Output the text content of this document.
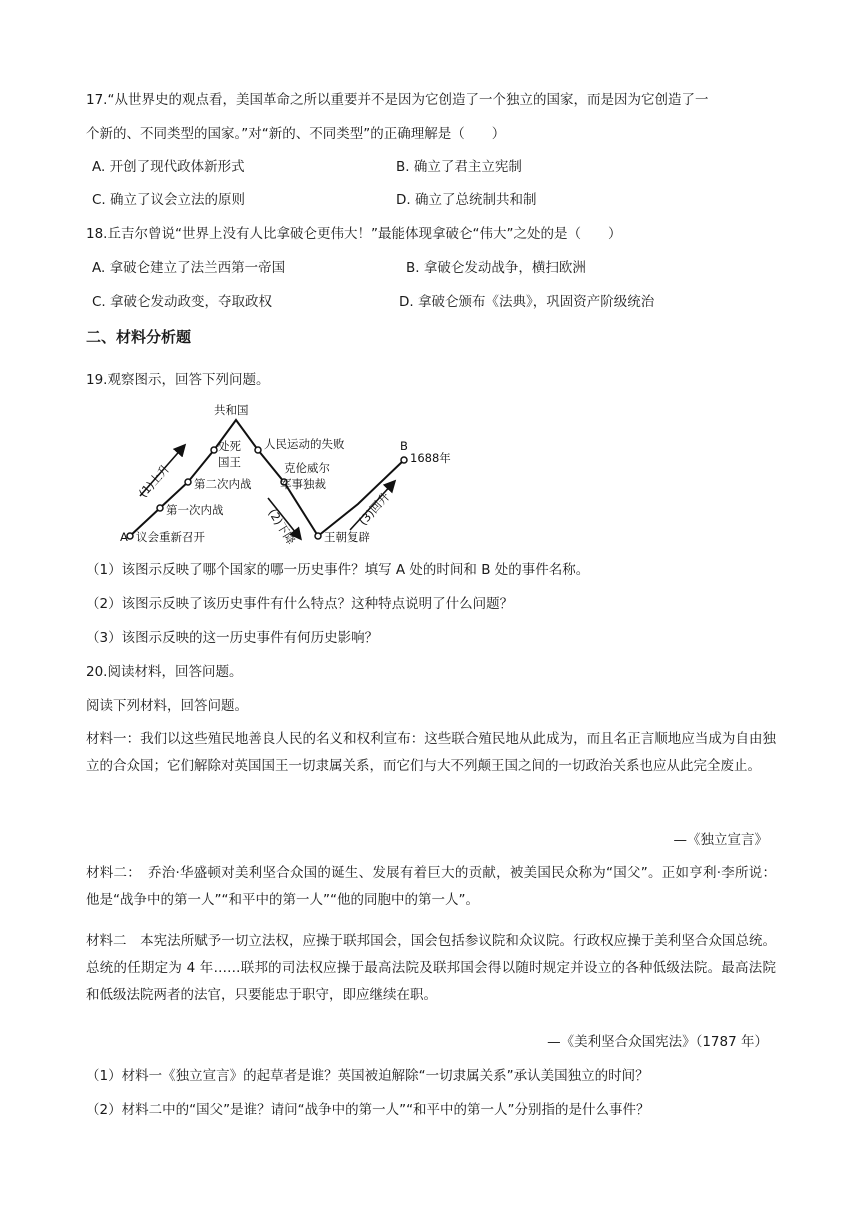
17.“从世界史的观点看，美国革命之所以重要并不是因为它创造了一个独立的国家，而是因为它创造了一
个新的、不同类型的国家。”对“新的、不同类型”的正确理解是（　　）
A. 开创了现代政体新形式	B. 确立了君主立宪制
C. 确立了议会立法的原则	D. 确立了总统制共和制
18.丘吉尔曾说“世界上没有人比拿破仑更伟大！”最能体现拿破仑“伟大”之处的是（　　）
A. 拿破仑建立了法兰西第一帝国	B. 拿破仑发动战争，横扫欧洲
C. 拿破仑发动政变，夺取政权	D. 拿破仑颁布《法典》，巩固资产阶级统治
二、材料分析题
19.观察图示，回答下列问题。
A 议会重新召开
第一次内战
第二次内战
处死
国王
共和国
人民运动的失败
克伦威尔
军事独裁
王朝复辟
B
1688年
(1)上升
(2)下降	(3)回升
（1）该图示反映了哪个国家的哪一历史事件？填写 A 处的时间和 B 处的事件名称。
（2）该图示反映了该历史事件有什么特点？这种特点说明了什么问题？
（3）该图示反映的这一历史事件有何历史影响？
20.阅读材料，回答问题。
阅读下列材料，回答问题。
材料一：我们以这些殖民地善良人民的名义和权利宣布：这些联合殖民地从此成为，而且名正言顺地应当成为自由独立的合众国；它们解除对英国国王一切隶属关系，而它们与大不列颠王国之间的一切政治关系也应从此完全废止。
—《独立宣言》
材料二：　乔治·华盛顿对美利坚合众国的诞生、发展有着巨大的贡献，被美国民众称为“国父”。正如亨利·李所说：他是“战争中的第一人”“和平中的第一人”“他的同胞中的第一人”。
材料二　本宪法所赋予一切立法权，应操于联邦国会，国会包括参议院和众议院。行政权应操于美利坚合众国总统。总统的任期定为 4 年……联邦的司法权应操于最高法院及联邦国会得以随时规定并设立的各种低级法院。最高法院和低级法院两者的法官，只要能忠于职守，即应继续在职。
—《美利坚合众国宪法》（1787 年）
（1）材料一《独立宣言》的起草者是谁？英国被迫解除“一切隶属关系”承认美国独立的时间？
（2）材料二中的“国父”是谁？请问“战争中的第一人”“和平中的第一人”分别指的是什么事件？
